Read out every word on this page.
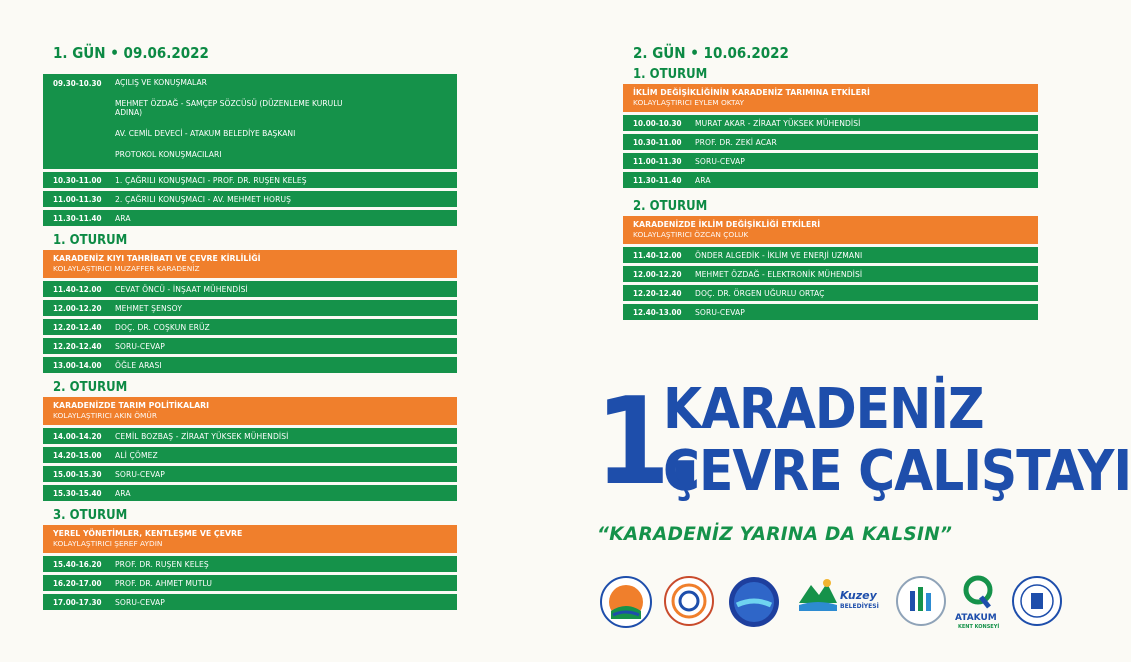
1. GÜN • 09.06.2022
09.30-10.30	AÇILIŞ VE KONUŞMALAR
MEHMET ÖZDAĞ - SAMÇEP SÖZCÜSÜ (DÜZENLEME KURULU ADINA)
AV. CEMİL DEVECİ - ATAKUM BELEDİYE BAŞKANI
PROTOKOL KONUŞMACILARI
10.30-11.00	1. ÇAĞRILI KONUŞMACI - PROF. DR. RUŞEN KELEŞ
11.00-11.30	2. ÇAĞRILI KONUŞMACI - AV. MEHMET HORUŞ
11.30-11.40	ARA
1. OTURUM
KARADENİZ KIYI TAHRİBATI VE ÇEVRE KİRLİLİĞİ
KOLAYLAŞTIRICI MUZAFFER KARADENİZ
11.40-12.00	CEVAT ÖNCÜ - İNŞAAT MÜHENDİSİ
12.00-12.20	MEHMET ŞENSOY
12.20-12.40	DOÇ. DR. COŞKUN ERÜZ
12.20-12.40	SORU-CEVAP
13.00-14.00	ÖĞLE ARASI
2. OTURUM
KARADENİZDE TARIM POLİTİKALARI
KOLAYLAŞTIRICI AKIN ÖMÜR
14.00-14.20	CEMİL BOZBAŞ - ZİRAAT YÜKSEK MÜHENDİSİ
14.20-15.00	ALİ ÇÖMEZ
15.00-15.30	SORU-CEVAP
15.30-15.40	ARA
3. OTURUM
YEREL YÖNETİMLER, KENTLEŞME VE ÇEVRE
KOLAYLAŞTIRICI ŞEREF AYDIN
15.40-16.20	PROF. DR. RUŞEN KELEŞ
16.20-17.00	PROF. DR. AHMET MUTLU
17.00-17.30	SORU-CEVAP
2. GÜN • 10.06.2022
1. OTURUM
İKLİM DEĞİŞİKLİĞİNİN KARADENİZ TARIMINA ETKİLERİ
KOLAYLAŞTIRICI EYLEM OKTAY
10.00-10.30	MURAT AKAR - ZİRAAT YÜKSEK MÜHENDİSİ
10.30-11.00	PROF. DR. ZEKİ ACAR
11.00-11.30	SORU-CEVAP
11.30-11.40	ARA
2. OTURUM
KARADENİZDE İKLİM DEĞİŞİKLİĞİ ETKİLERİ
KOLAYLAŞTIRICI ÖZCAN ÇOLUK
11.40-12.00	ÖNDER ALGEDİK - İKLİM VE ENERJİ UZMANI
12.00-12.20	MEHMET ÖZDAĞ - ELEKTRONİK MÜHENDİSİ
12.20-12.40	DOÇ. DR. ÖRGEN UĞURLU ORTAÇ
12.40-13.00	SORU-CEVAP
1.
KARADENİZ
ÇEVRE ÇALIŞTAYI
“KARADENİZ YARINA DA KALSIN”
Kuzey
BELEDİYESİ
ATAKUM
KENT KONSEYİ
